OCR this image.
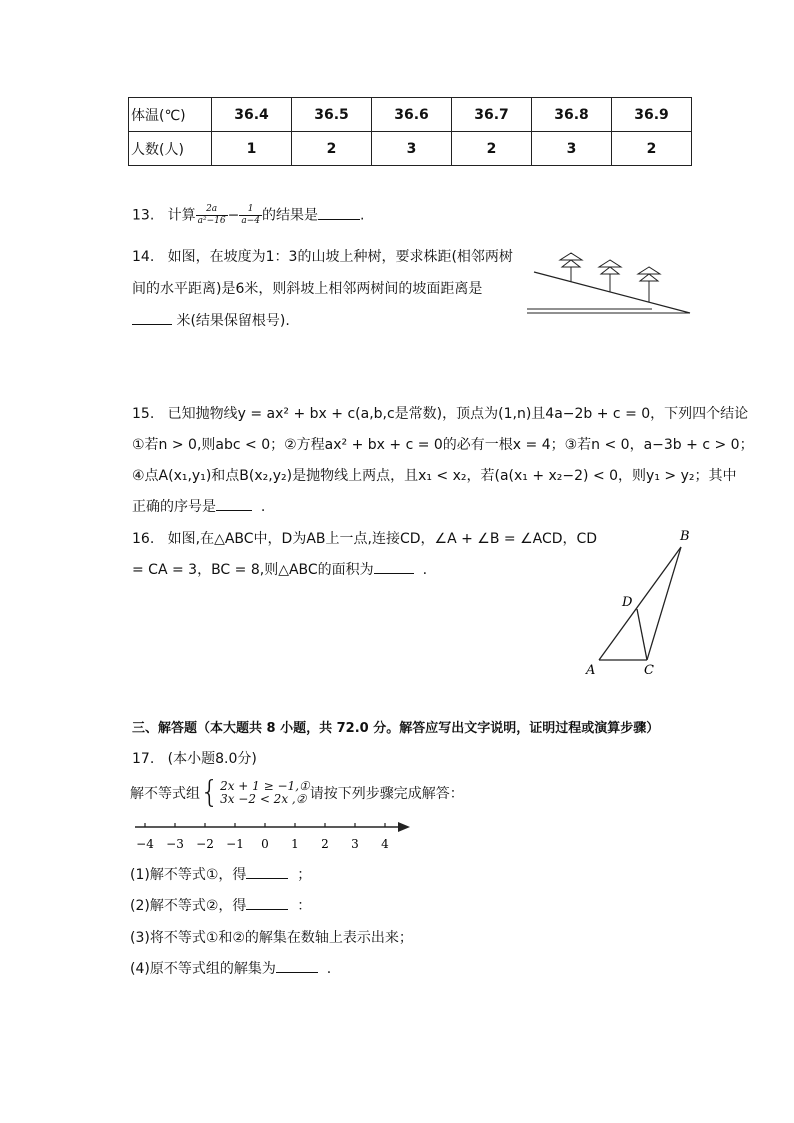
体温(℃)	36.4	36.5	36.6	36.7	36.8	36.9
人数(人)	1	2	3	2	3	2
13. 计算 $\frac{2a}{\text{a²−16}} - \frac{1}{a-4}$ 的结果是	.
14. 如图，在坡度为1：3的山坡上种树，要求株距(相邻两树
间的水平距离)是6米，则斜坡上相邻两树间的坡面距离是
米(结果保留根号).
15. 已知抛物线y = ax² + bx + c(a,b,c是常数)，顶点为(1,n)且4a−2b + c = 0，下列四个结论
①若n > 0,则abc < 0；②方程ax² + bx + c = 0的必有一根x = 4；③若n < 0，a−3b + c > 0；
④点A(x₁,y₁)和点B(x₂,y₂)是抛物线上两点，且x₁ < x₂，若(a(x₁ + x₂−2) < 0，则y₁ > y₂；其中
正确的序号是	.
16. 如图,在△ABC中，D为AB上一点,连接CD，∠A + ∠B = ∠ACD，CD
= CA = 3，BC = 8,则△ABC的面积为	.
B
D
A	C
三、解答题（本大题共 8 小题，共 72.0 分。解答应写出文字说明，证明过程或演算步骤）
17. (本小题8.0分)
解不等式组 { 2x + 1 ≥ −1,①
3x −2 < 2x ,② 请按下列步骤完成解答：
−4 −3 −2 −1 0 1 2 3 4
(1)解不等式①，得	；
(2)解不等式②，得	：
(3)将不等式①和②的解集在数轴上表示出来；
(4)原不等式组的解集为	.
